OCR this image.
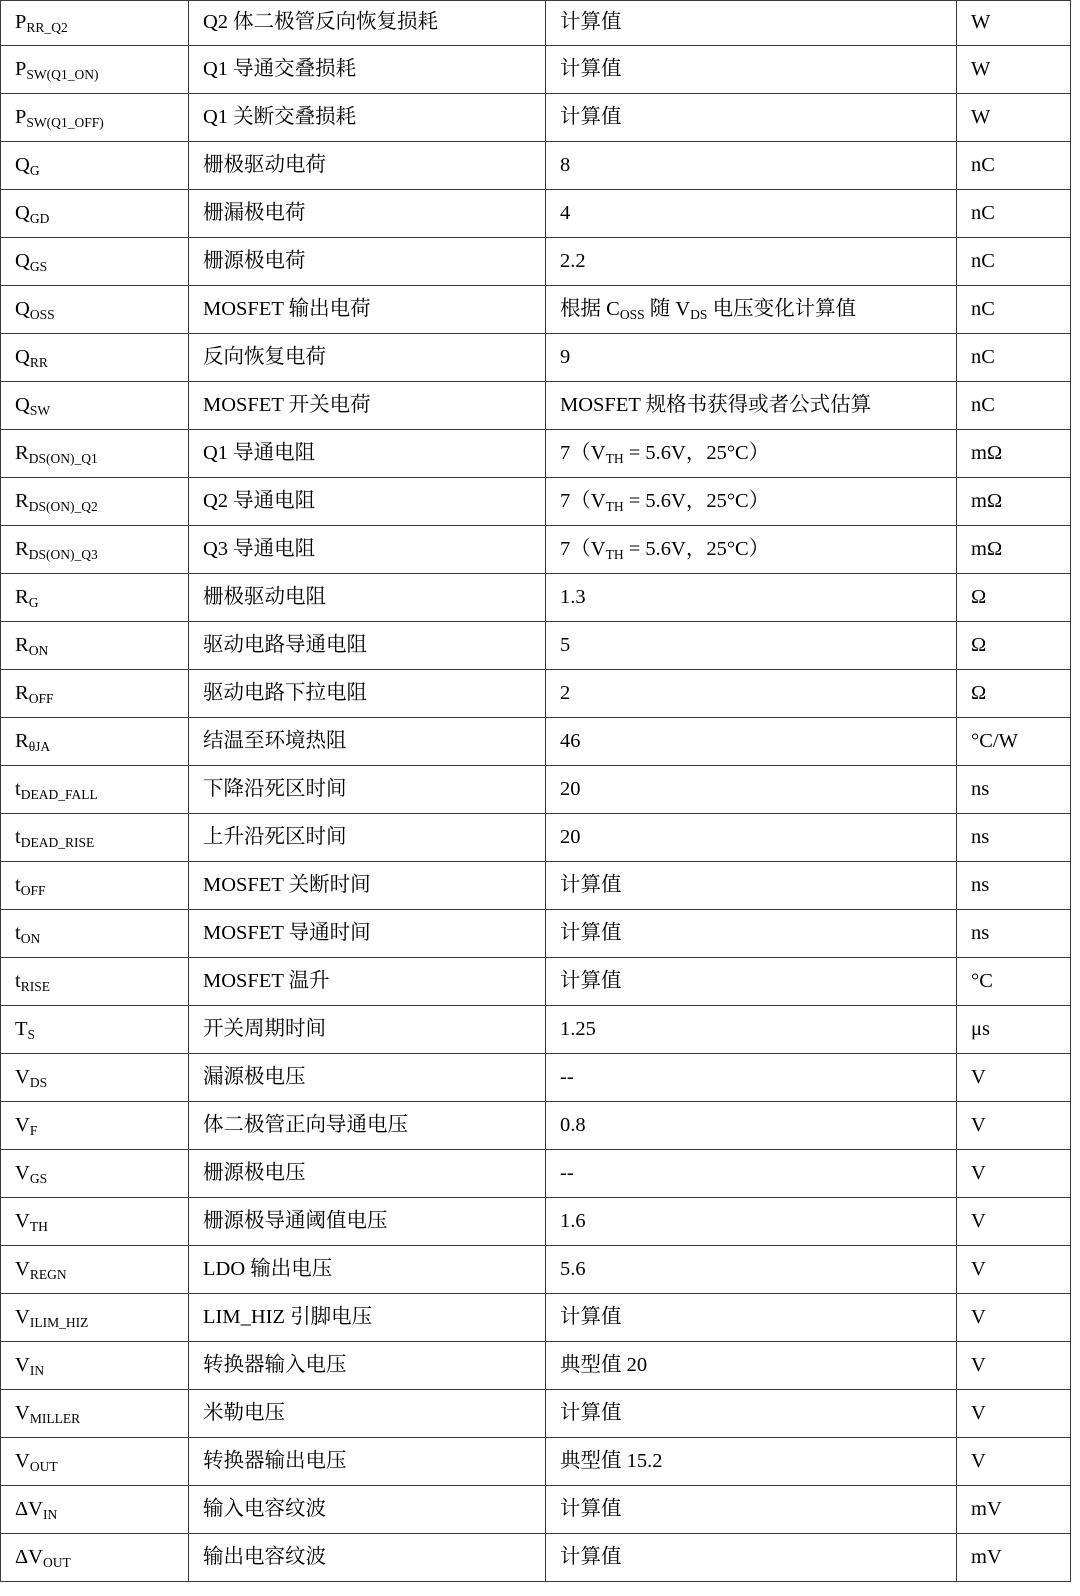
$P_{RR\_Q2}$	Q2 体二极管反向恢复损耗	计算值	W
$P_{SW(Q1\_ON)}$	Q1 导通交叠损耗	计算值	W
$P_{SW(Q1\_OFF)}$	Q1 关断交叠损耗	计算值	W
$Q_G$	栅极驱动电荷	8	nC
$Q_{GD}$	栅漏极电荷	4	nC
$Q_{GS}$	栅源极电荷	2.2	nC
$Q_{OSS}$	MOSFET 输出电荷	根据 $C_{OSS}$ 随 $V_{DS}$ 电压变化计算值	nC
$Q_{RR}$	反向恢复电荷	9	nC
$Q_{SW}$	MOSFET 开关电荷	MOSFET 规格书获得或者公式估算	nC
$R_{DS(ON)\_Q1}$	Q1 导通电阻	$7(V_{TH} = 5.6V$，25°C）	mΩ
$R_{DS(ON)\_Q2}$	Q2 导通电阻	$7(V_{TH} = 5.6V$，25°C）	mΩ
$R_{DS(ON)\_Q3}$	Q3 导通电阻	$7(V_{TH} = 5.6V$，25°C）	mΩ
$R_G$	栅极驱动电阻	1.3	Ω
$R_{ON}$	驱动电路导通电阻	5	Ω
$R_{OFF}$	驱动电路下拉电阻	2	Ω
$R_{\theta JA}$	结温至环境热阻	46	°C/W
$t_{DEAD\_FALL}$	下降沿死区时间	20	ns
$t_{DEAD\_RISE}$	上升沿死区时间	20	ns
$t_{OFF}$	MOSFET 关断时间	计算值	ns
$t_{ON}$	MOSFET 导通时间	计算值	ns
$t_{RISE}$	MOSFET 温升	计算值	°C
$T_S$	开关周期时间	1.25	μs
$V_{DS}$	漏源极电压	--	V
$V_F$	体二极管正向导通电压	0.8	V
$V_{GS}$	栅源极电压	--	V
$V_{TH}$	栅源极导通阈值电压	1.6	V
$V_{REGN}$	LDO 输出电压	5.6	V
$V_{ILIM\_HIZ}$	LIM_HIZ 引脚电压	计算值	V
$V_{IN}$	转换器输入电压	典型值 20	V
$V_{MILLER}$	米勒电压	计算值	V
$V_{OUT}$	转换器输出电压	典型值 15.2	V
$\Delta V_{IN}$	输入电容纹波	计算值	mV
$\Delta V_{OUT}$	输出电容纹波	计算值	mV
